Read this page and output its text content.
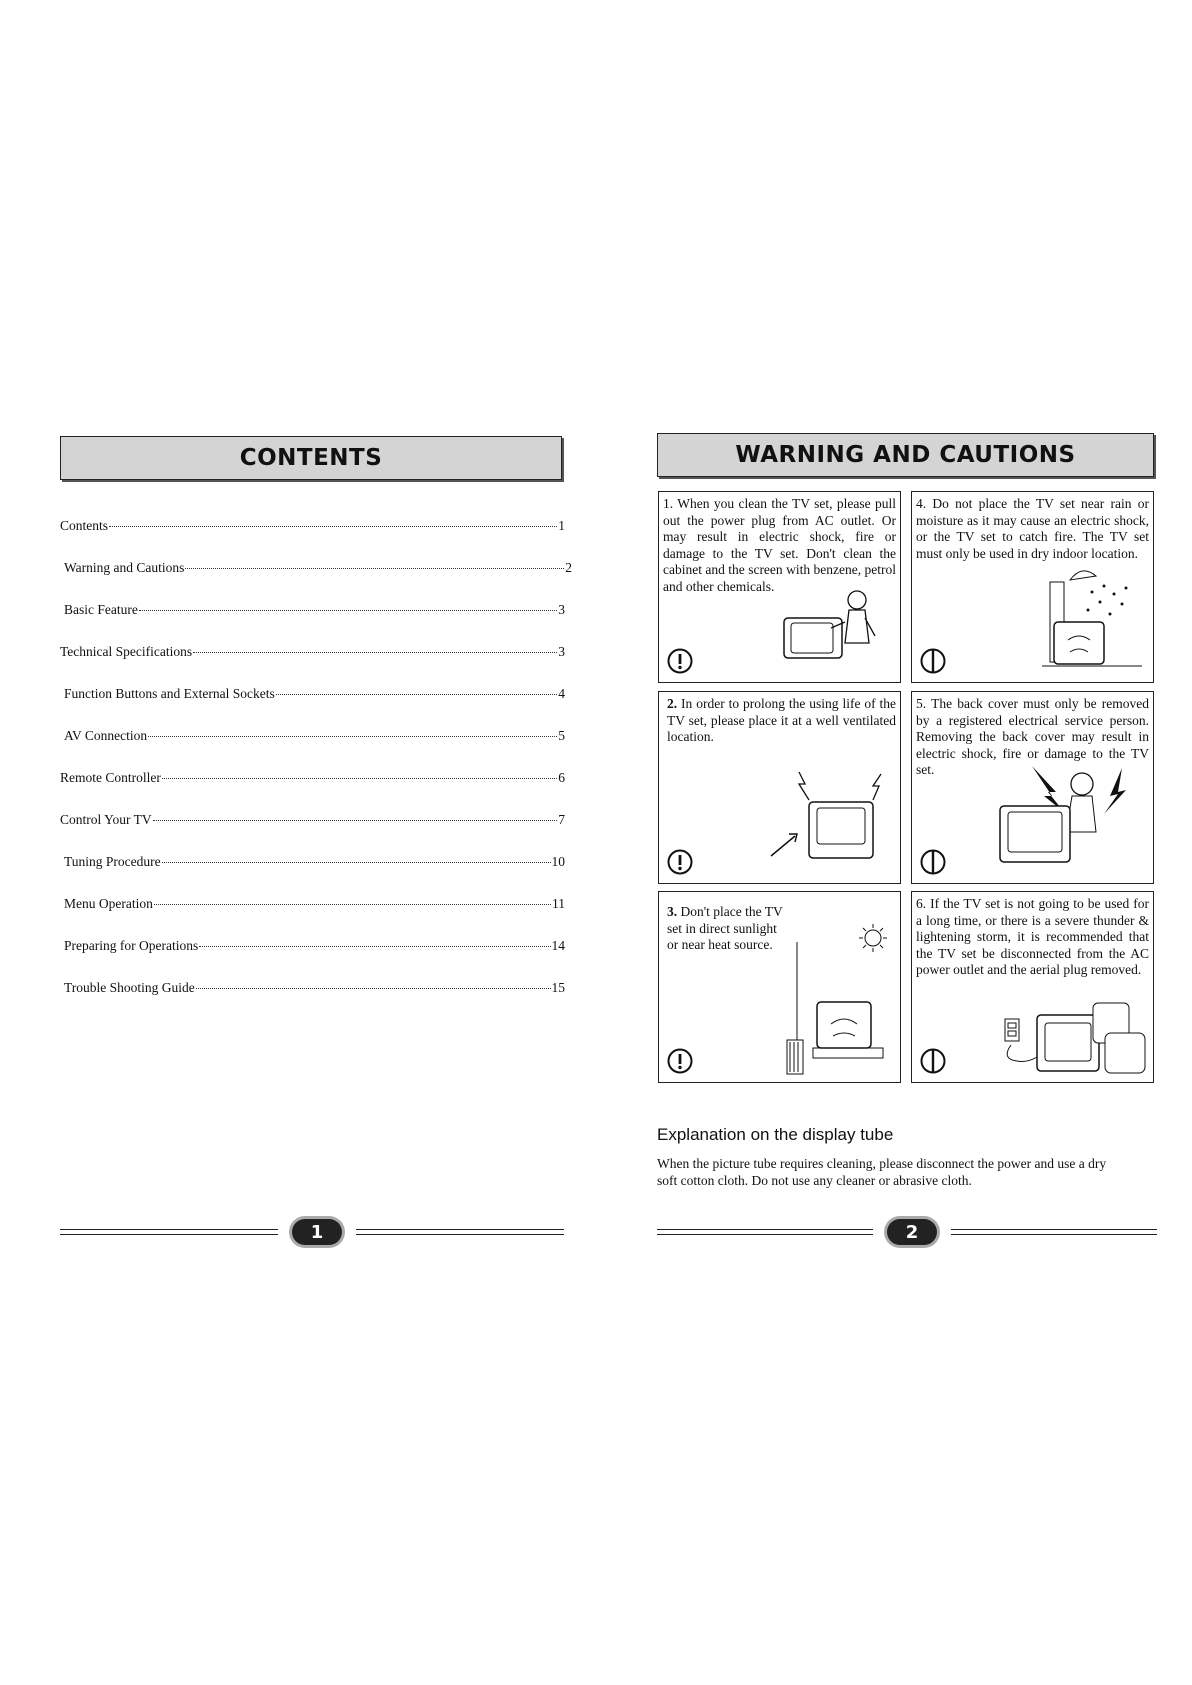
CONTENTS
Contents	1
Warning and Cautions	2
Basic Feature	3
Technical Specifications	3
Function Buttons and External Sockets	4
AV Connection	5
Remote Controller	6
Control Your TV	7
Tuning Procedure	10
Menu Operation	11
Preparing for Operations	14
Trouble Shooting Guide	15
1
WARNING AND CAUTIONS
1. When you clean the TV set, please pull out the power plug from AC outlet. Or may result in electric shock, fire or damage to the TV set. Don't clean the cabinet and the screen with benzene, petrol and other chemicals.
4. Do not place the TV set near rain or moisture as it may cause an electric shock, or the TV set to catch fire. The TV set must only be used in dry indoor location.
2. In order to prolong the using life of the TV set, please place it at a well ventilated location.
5. The back cover must only be removed by a registered electrical service person. Removing the back cover may result in electric shock, fire or damage to the TV set.
3. Don't place the TV set in direct sunlight or near heat source.
6. If the TV set is not going to be used for a long time, or there is a severe thunder & lightening storm, it is recommended that the TV set be disconnected from the AC power outlet and the aerial plug removed.
Explanation on the display tube
When the picture tube requires cleaning, please disconnect the power and use a dry soft cotton cloth. Do not use any cleaner or abrasive cloth.
2
